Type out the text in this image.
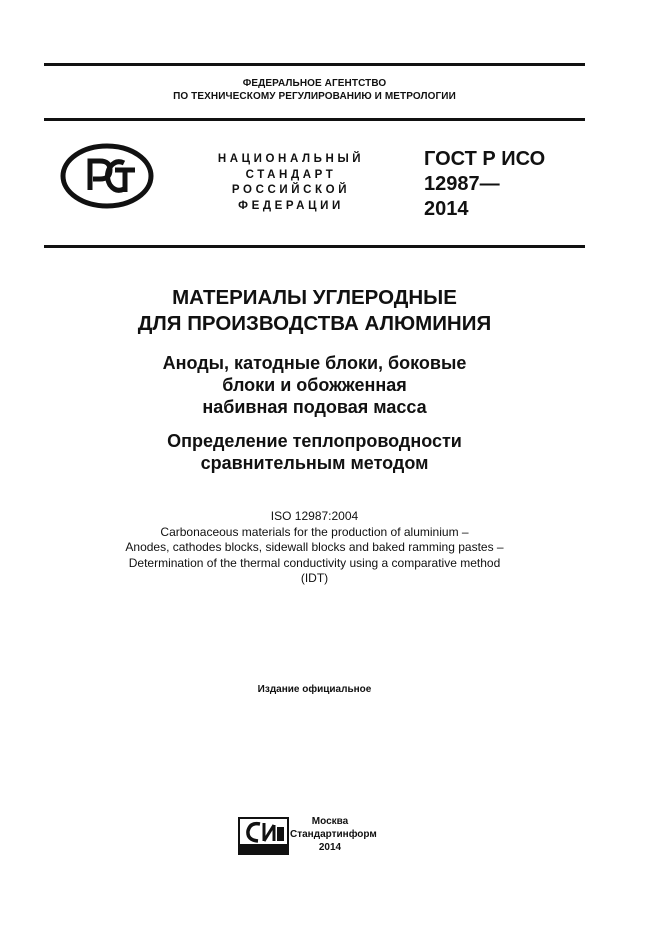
ФЕДЕРАЛЬНОЕ АГЕНТСТВО
ПО ТЕХНИЧЕСКОМУ РЕГУЛИРОВАНИЮ И МЕТРОЛОГИИ
НАЦИОНАЛЬНЫЙ
СТАНДАРТ
РОССИЙСКОЙ
ФЕДЕРАЦИИ
ГОСТ Р ИСО
12987—
2014
МАТЕРИАЛЫ УГЛЕРОДНЫЕ
ДЛЯ ПРОИЗВОДСТВА АЛЮМИНИЯ
Аноды, катодные блоки, боковые
блоки и обожженная
набивная подовая масса
Определение теплопроводности
сравнительным методом
ISO 12987:2004
Carbonaceous materials for the production of aluminium –
Anodes, cathodes blocks, sidewall blocks and baked ramming pastes –
Determination of the thermal conductivity using a comparative method
(IDT)
Издание официальное
Москва
Стандартинформ
2014
